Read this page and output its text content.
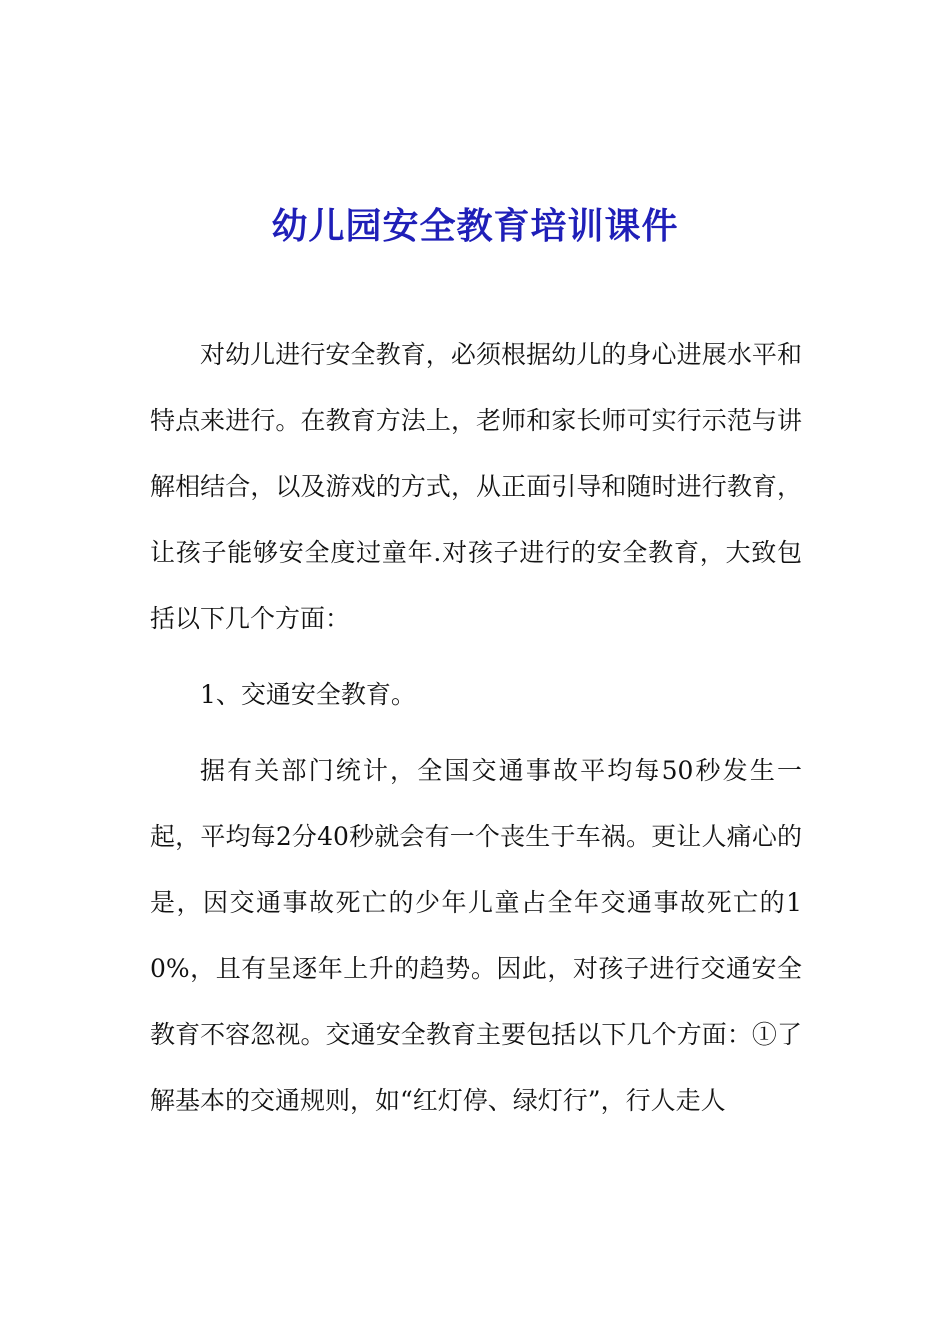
幼儿园安全教育培训课件

对幼儿进行安全教育，必须根据幼儿的身心进展水平和特点来进行。在教育方法上，老师和家长师可实行示范与讲解相结合，以及游戏的方式，从正面引导和随时进行教育，让孩子能够安全度过童年.对孩子进行的安全教育，大致包括以下几个方面：

1、交通安全教育。

据有关部门统计，全国交通事故平均每50秒发生一起，平均每2分40秒就会有一个丧生于车祸。更让人痛心的是，因交通事故死亡的少年儿童占全年交通事故死亡的10%，且有呈逐年上升的趋势。因此，对孩子进行交通安全教育不容忽视。交通安全教育主要包括以下几个方面：①了解基本的交通规则，如“红灯停、绿灯行”，行人走人
